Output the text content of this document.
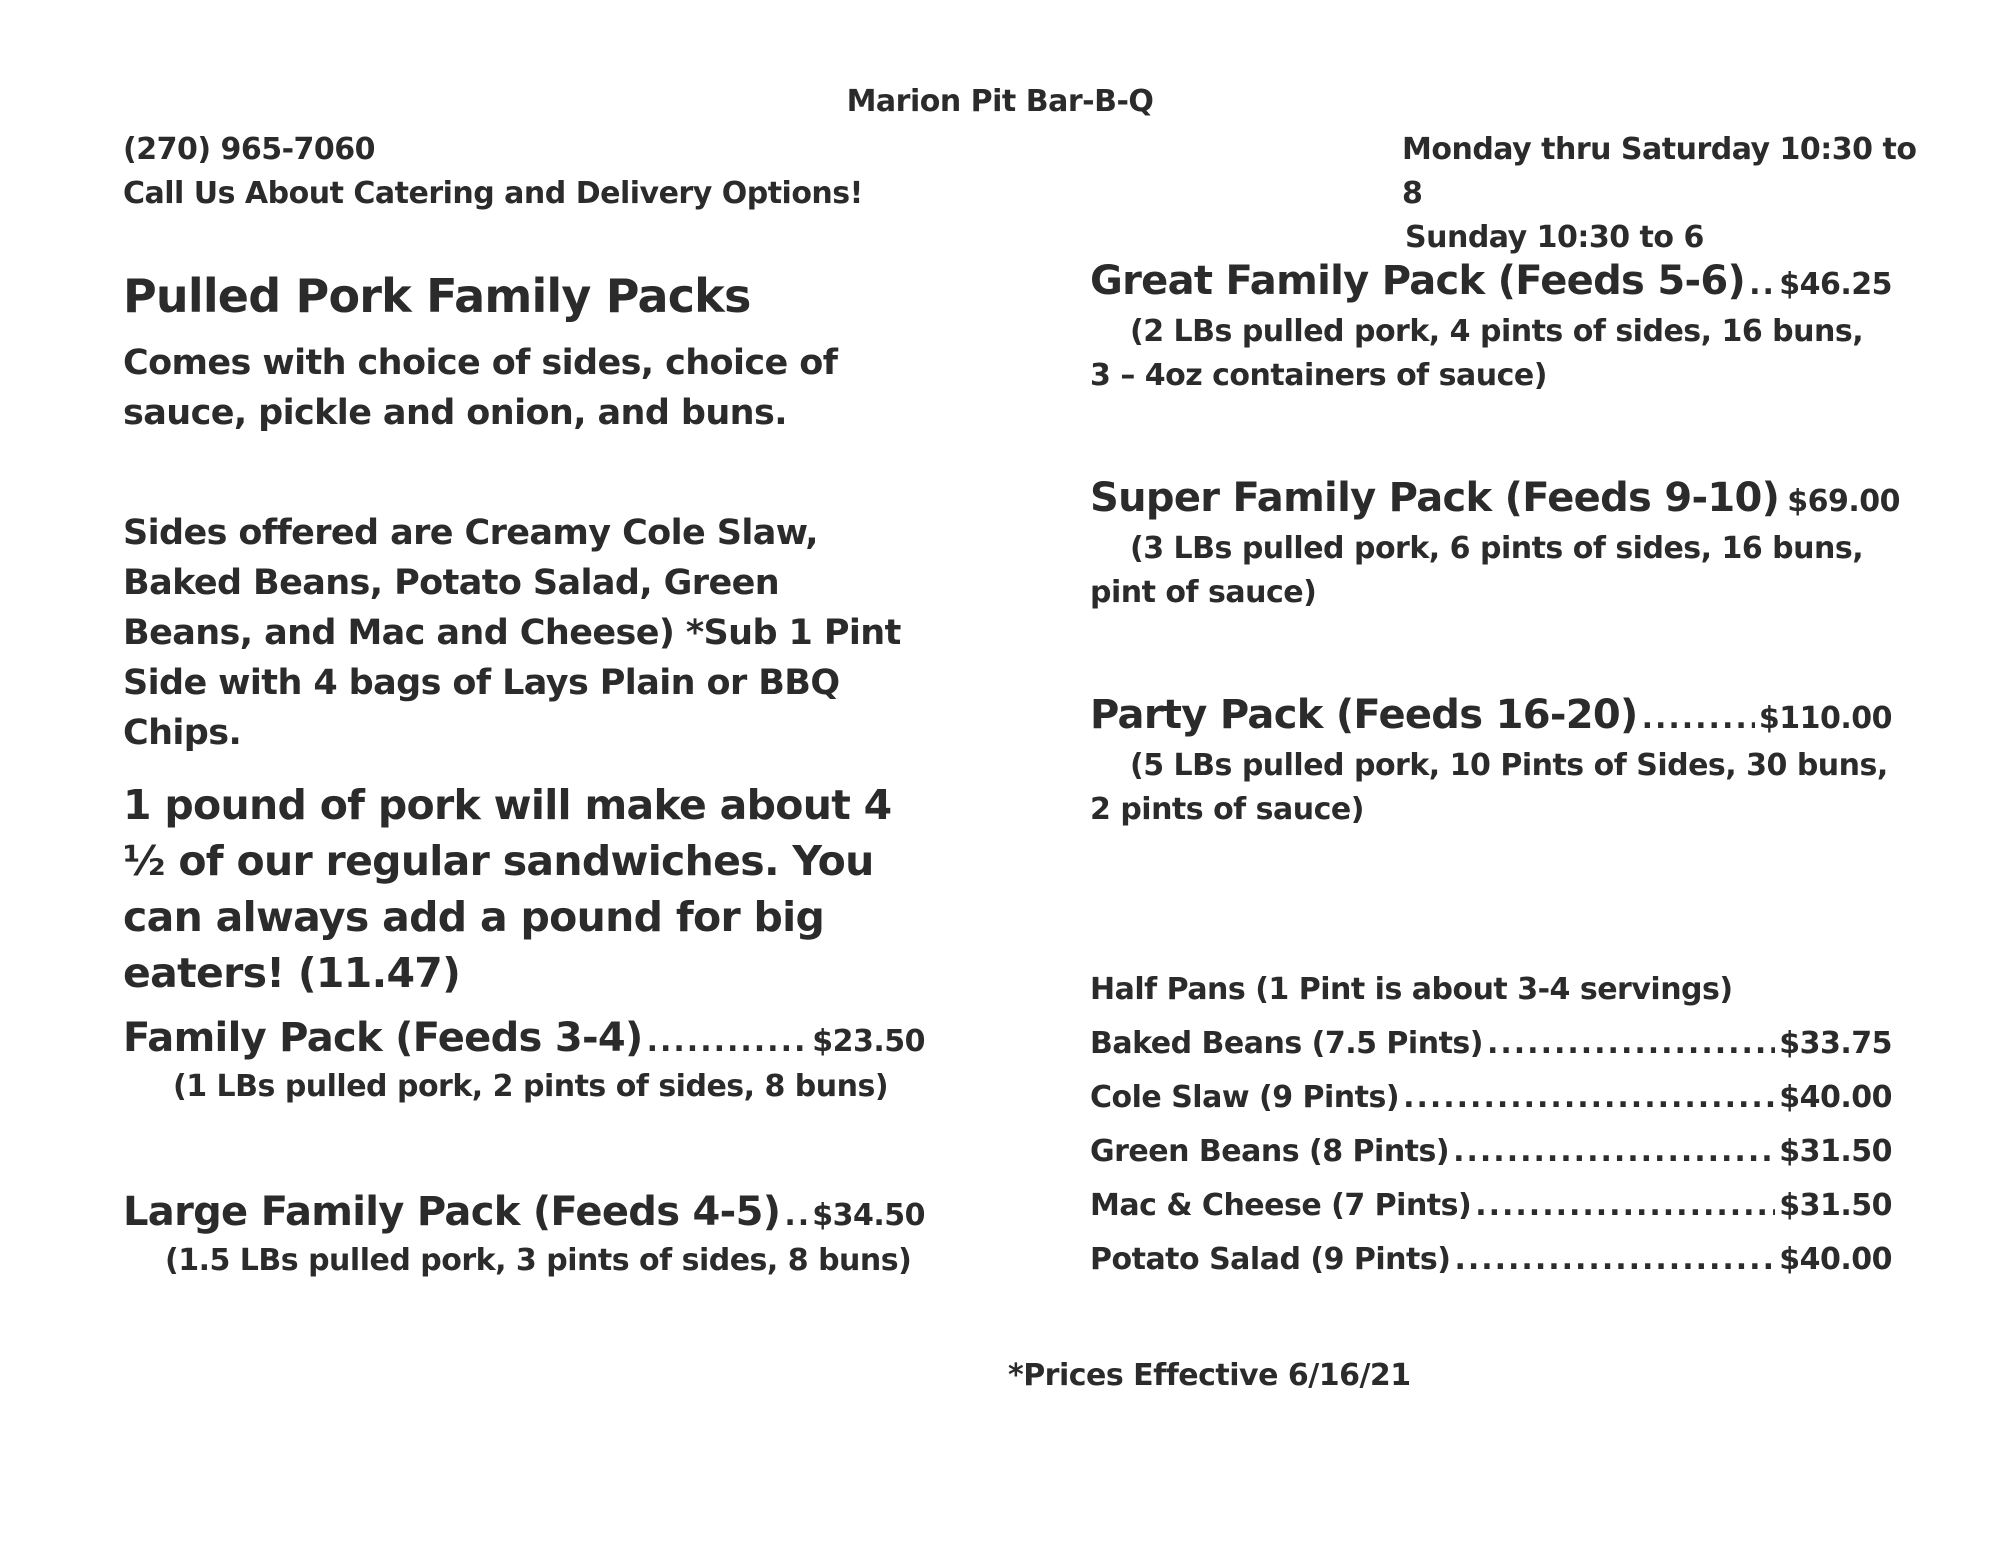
Marion Pit Bar-B-Q
(270) 965-7060
Call Us About Catering and Delivery Options!
Monday thru Saturday 10:30 to 8
Sunday 10:30 to 6
Pulled Pork Family Packs
Comes with choice of sides, choice of sauce, pickle and onion, and buns.
Sides offered are Creamy Cole Slaw, Baked Beans, Potato Salad, Green Beans, and Mac and Cheese) *Sub 1 Pint Side with 4 bags of Lays Plain or BBQ Chips.
1 pound of pork will make about 4 ½ of our regular sandwiches. You can always add a pound for big eaters! (11.47)
Family Pack (Feeds 3-4) .....	$23.50
(1 LBs pulled pork, 2 pints of sides, 8 buns)
Large Family Pack (Feeds 4-5) ..... $34.50
(1.5 LBs pulled pork, 3 pints of sides, 8 buns)
Great Family Pack (Feeds 5-6) ..... $46.25
(2 LBs pulled pork, 4 pints of sides, 16 buns, 3 – 4oz containers of sauce)
Super Family Pack (Feeds 9-10) $69.00
(3 LBs pulled pork, 6 pints of sides, 16 buns, pint of sauce)
Party Pack (Feeds 16-20) .....	$110.00
(5 LBs pulled pork, 10 Pints of Sides, 30 buns, 2 pints of sauce)
Half Pans (1 Pint is about 3-4 servings)
Baked Beans (7.5 Pints) .....	$33.75
Cole Slaw (9 Pints) .....	$40.00
Green Beans (8 Pints) .....	$31.50
Mac & Cheese (7 Pints) .....	$31.50
Potato Salad (9 Pints) .....	$40.00
*Prices Effective 6/16/21
